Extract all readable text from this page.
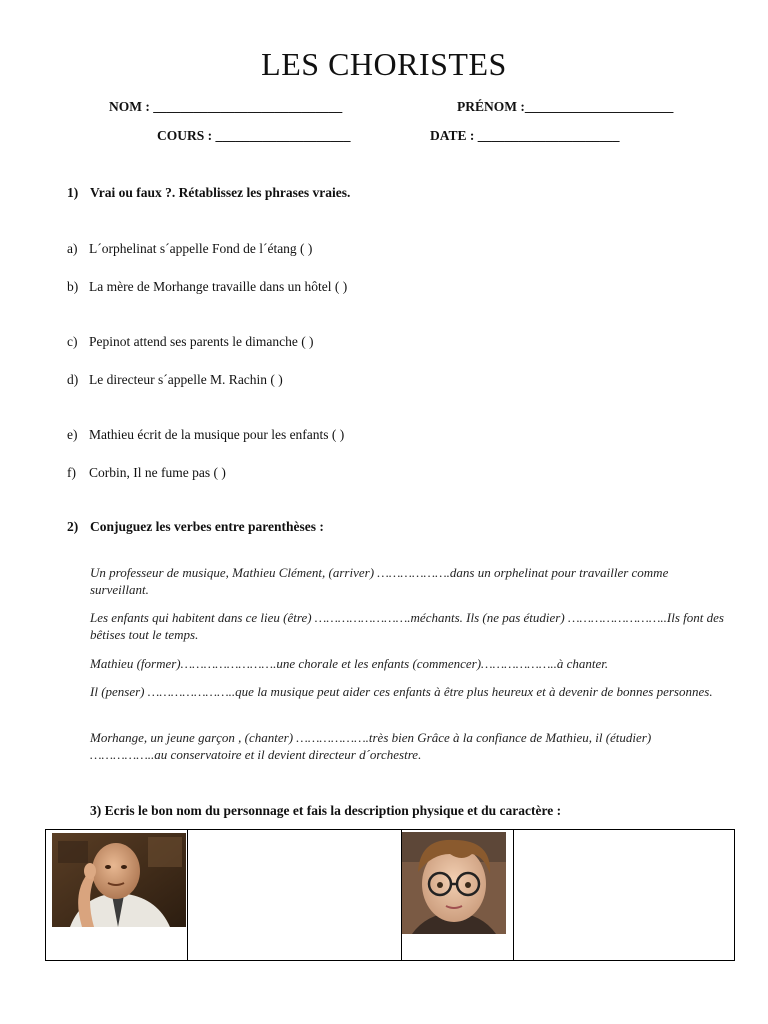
LES CHORISTES
NOM : ____________________________	PRÉNOM :______________________
COURS : ____________________	DATE : _____________________
1) Vrai ou faux ?. Rétablissez les phrases vraies.
a) L´orphelinat s´appelle Fond de l´étang ( )
b) La mère de Morhange travaille dans un hôtel ( )
c) Pepinot attend ses parents le dimanche ( )
d) Le directeur s´appelle M. Rachin ( )
e) Mathieu écrit de la musique pour les enfants ( )
f) Corbin, Il ne fume pas ( )
2) Conjuguez les verbes entre parenthèses :
Un professeur de musique, Mathieu Clément, (arriver) ……………….dans un orphelinat pour travailler comme surveillant.
Les enfants qui habitent dans ce lieu (être) …………………….méchants. Ils (ne pas étudier) ……………………..Ils font des bêtises tout le temps.
Mathieu (former)…………………….une chorale et les enfants (commencer)………………..à chanter.
Il (penser) …………………..que la musique peut aider ces enfants à être plus heureux et à devenir de bonnes personnes.
Morhange, un jeune garçon , (chanter) ……………….très bien Grâce à la confiance de Mathieu, il (étudier) ……………..au conservatoire et il devient directeur d´orchestre.
3) Ecris le bon nom du personnage et fais la description physique et du caractère :
